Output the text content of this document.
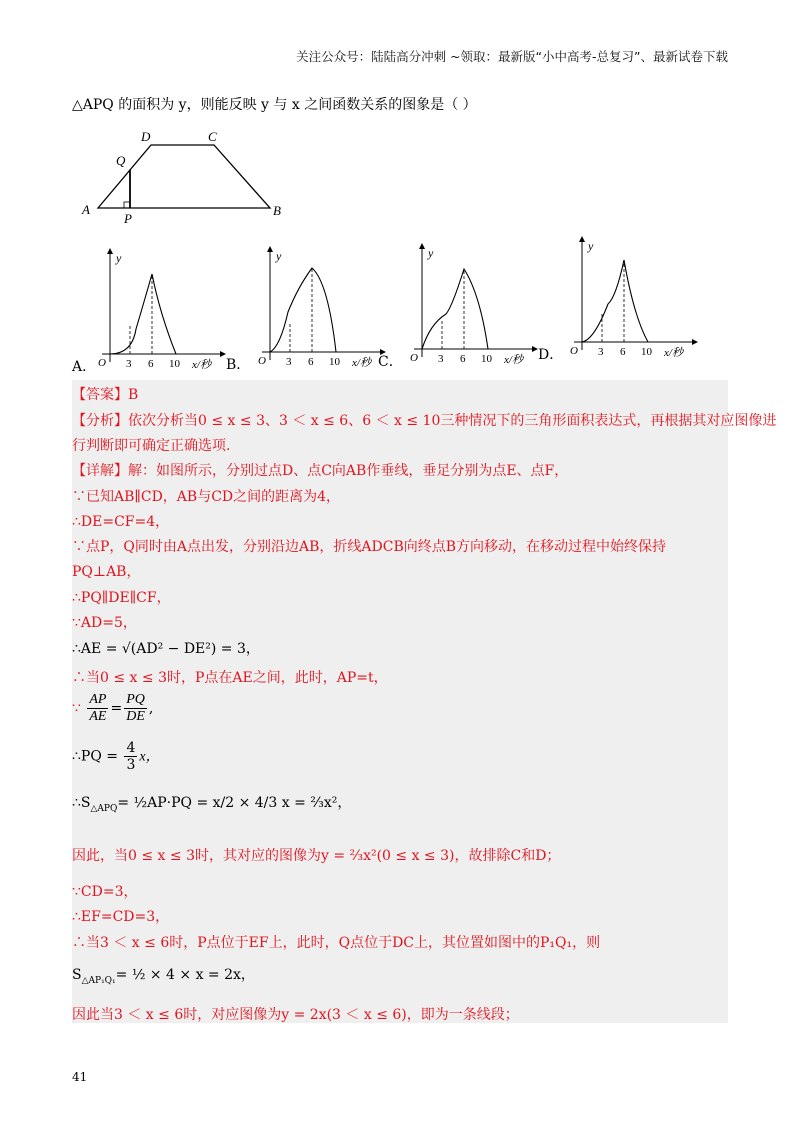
关注公众号：陆陆高分冲刺 ~领取：最新版“小中高考-总复习”、最新试卷下载
△APQ 的面积为 y，则能反映 y 与 x 之间函数关系的图象是（ ）
A	B
C
D
P
Q
y
O 3 6 10 x/秒
A．
y
O 3 6 10 x/秒
B．
y
O 3 6 10 x/秒
C．
y
O 3 6 10 x/秒
D．
【答案】B
【分析】依次分析当0 ≤ x ≤ 3、3 ＜ x ≤ 6、6 ＜ x ≤ 10三种情况下的三角形面积表达式，再根据其对应图像进
行判断即可确定正确选项.
【详解】解：如图所示，分别过点D、点C向AB作垂线，垂足分别为点E、点F，
∵已知AB∥CD，AB与CD之间的距离为4，
∴DE=CF=4，
∵点P，Q同时由A点出发，分别沿边AB，折线ADCB向终点B方向移动，在移动过程中始终保持
PQ⊥AB，
∴PQ∥DE∥CF，
∵AD=5，
∴AE = √(AD² − DE²) = 3，
∴当0 ≤ x ≤ 3时，P点在AE之间，此时，AP=t，
∵ $\frac{AP}{AE} = \frac{PQ}{DE}$ ,
∴PQ = $\frac{4}{3}$ x，
$\therefore S_{\triangle APQ}=$ ½AP·PQ = x/2 × 4/3 x = ⅔x²，
因此，当0 ≤ x ≤ 3时，其对应的图像为y = ⅔x²(0 ≤ x ≤ 3)，故排除C和D；
∵CD=3，
∴EF=CD=3，
∴当3 ＜ x ≤ 6时，P点位于EF上，此时，Q点位于DC上，其位置如图中的P₁Q₁，则
$S_{\triangle AP_1Q_1}=$ ½ × 4 × x = 2x，
因此当3 ＜ x ≤ 6时，对应图像为y = 2x(3 ＜ x ≤ 6)，即为一条线段；
41
